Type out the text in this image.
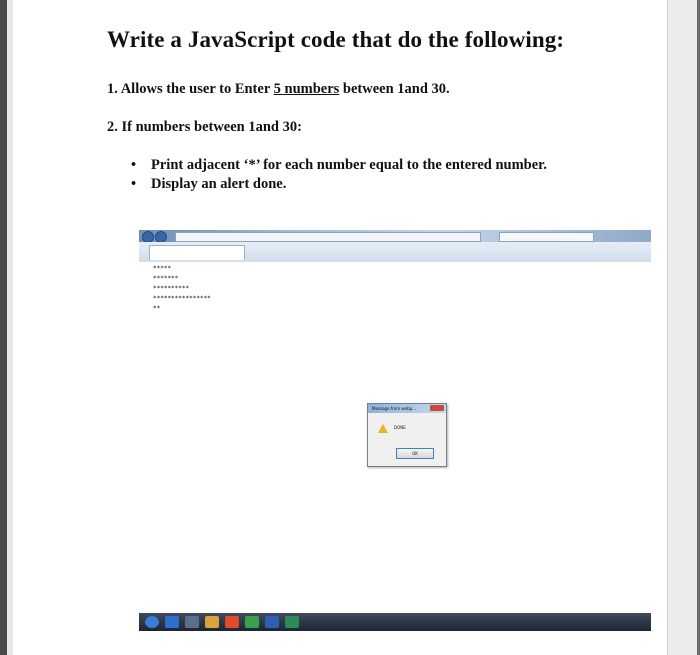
Write a JavaScript code that do the following:
1. Allows the user to Enter 5 numbers between 1and 30.
2. If numbers between 1and 30:
•	Print adjacent ‘*’ for each number equal to the entered number.
•	Display an alert done.
*****
*******
**********
****************
**
Message from webp...
DONE
OK
